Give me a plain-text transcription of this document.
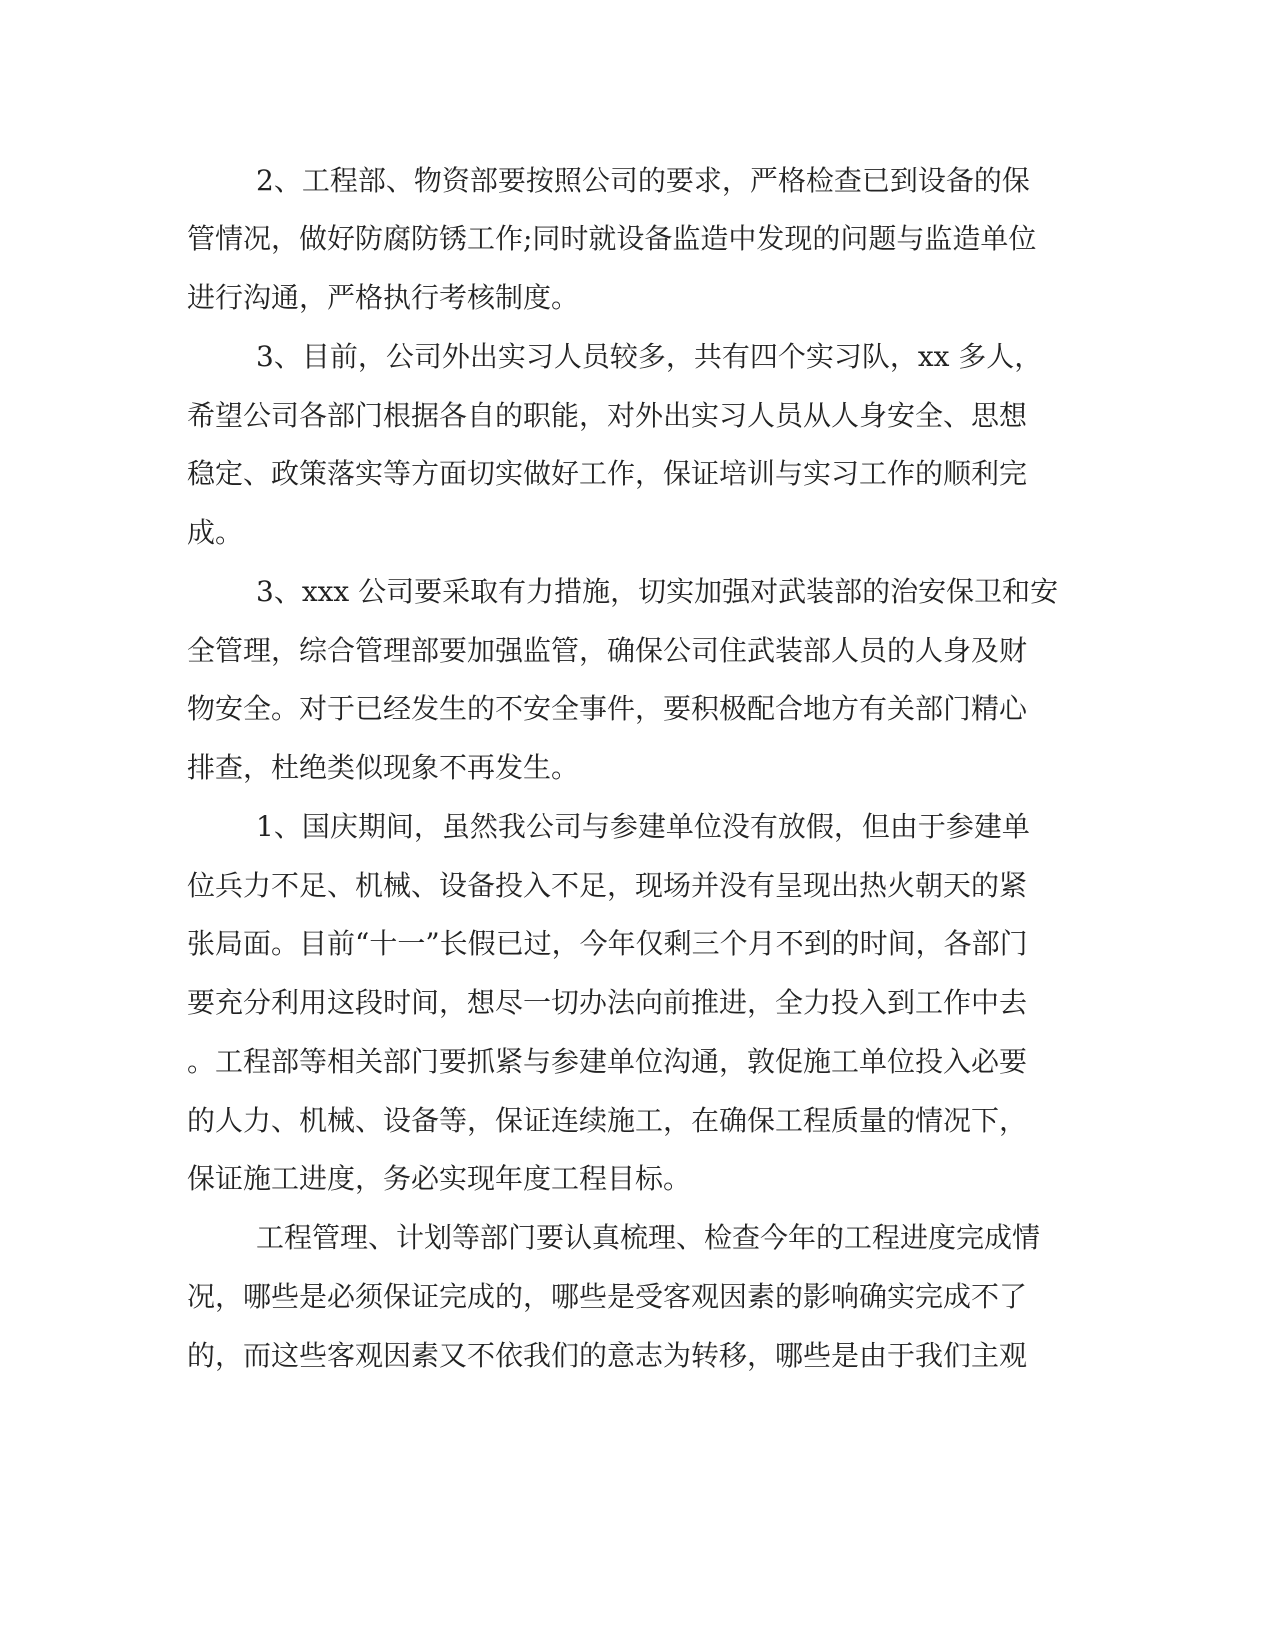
2、工程部、物资部要按照公司的要求，严格检查已到设备的保
管情况，做好防腐防锈工作;同时就设备监造中发现的问题与监造单位
进行沟通，严格执行考核制度。
3、目前，公司外出实习人员较多，共有四个实习队，xx 多人，
希望公司各部门根据各自的职能，对外出实习人员从人身安全、思想
稳定、政策落实等方面切实做好工作，保证培训与实习工作的顺利完
成。
3、xxx 公司要采取有力措施，切实加强对武装部的治安保卫和安
全管理，综合管理部要加强监管，确保公司住武装部人员的人身及财
物安全。对于已经发生的不安全事件，要积极配合地方有关部门精心
排查，杜绝类似现象不再发生。
1、国庆期间，虽然我公司与参建单位没有放假，但由于参建单
位兵力不足、机械、设备投入不足，现场并没有呈现出热火朝天的紧
张局面。目前“十一”长假已过，今年仅剩三个月不到的时间，各部门
要充分利用这段时间，想尽一切办法向前推进，全力投入到工作中去
。工程部等相关部门要抓紧与参建单位沟通，敦促施工单位投入必要
的人力、机械、设备等，保证连续施工，在确保工程质量的情况下，
保证施工进度，务必实现年度工程目标。
工程管理、计划等部门要认真梳理、检查今年的工程进度完成情
况，哪些是必须保证完成的，哪些是受客观因素的影响确实完成不了
的，而这些客观因素又不依我们的意志为转移，哪些是由于我们主观
